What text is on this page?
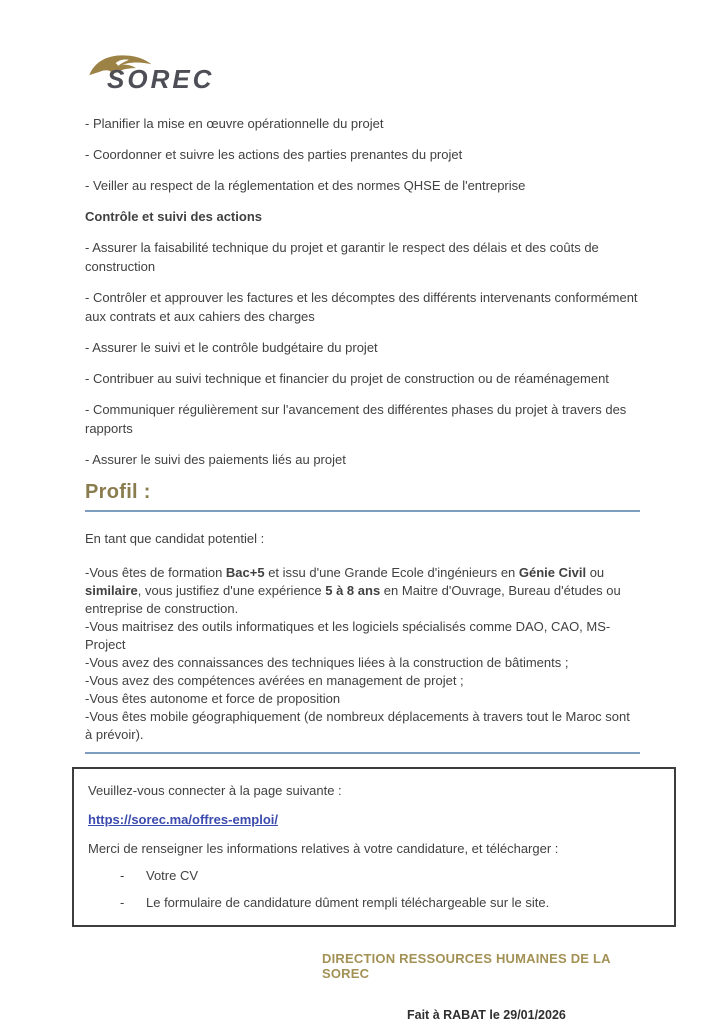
SOREC

- Planifier la mise en œuvre opérationnelle du projet

- Coordonner et suivre les actions des parties prenantes du projet

- Veiller au respect de la réglementation et des normes QHSE de l'entreprise

Contrôle et suivi des actions

- Assurer la faisabilité technique du projet et garantir le respect des délais et des coûts de construction

- Contrôler et approuver les factures et les décomptes des différents intervenants conformément aux contrats et aux cahiers des charges

- Assurer le suivi et le contrôle budgétaire du projet

- Contribuer au suivi technique et financier du projet de construction ou de réaménagement

- Communiquer régulièrement sur l'avancement des différentes phases du projet à travers des rapports

- Assurer le suivi des paiements liés au projet

Profil :

En tant que candidat potentiel :

-Vous êtes de formation Bac+5 et issu d'une Grande Ecole d'ingénieurs en Génie Civil ou similaire, vous justifiez d'une expérience 5 à 8 ans en Maitre d'Ouvrage, Bureau d'études ou entreprise de construction.

-Vous maitrisez des outils informatiques et les logiciels spécialisés comme DAO, CAO, MS-Project

-Vous avez des connaissances des techniques liées à la construction de bâtiments ;

-Vous avez des compétences avérées en management de projet ;

-Vous êtes autonome et force de proposition

-Vous êtes mobile géographiquement (de nombreux déplacements à travers tout le Maroc sont à prévoir).

Veuillez-vous connecter à la page suivante :

https://sorec.ma/offres-emploi/

Merci de renseigner les informations relatives à votre candidature, et télécharger :

-	Votre CV
-	Le formulaire de candidature dûment rempli téléchargeable sur le site.

DIRECTION RESSOURCES HUMAINES DE LA SOREC

Fait à RABAT le 29/01/2026
